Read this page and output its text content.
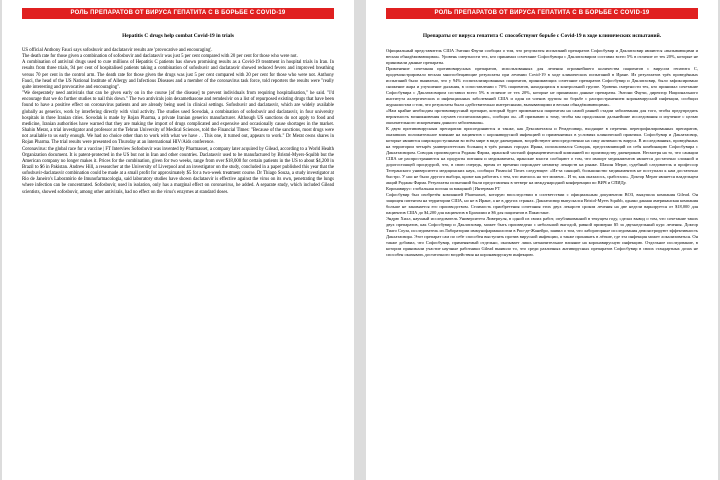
РОЛЬ ПРЕПАРАТОВ ОТ ВИРУСА ГЕПАТИТА С В БОРЬБЕ С COVID-19
Hepatitis C drugs help combat Covid-19 in trials

US official Anthony Fauci says sofosbuvir and daclatasvir results are 'provocative and encouraging'.

The death rate for those given a combination of sofosbuvir and daclatasvir was just 5 per cent compared with 20 per cent for those who were not.

A combination of antiviral drugs used to cure millions of Hepatitis C patients has shown promising results as a Covid-19 treatment in hospital trials in Iran. In results from three trials, 94 per cent of hospitalised patients taking a combination of sofosbuvir and daclatasvir showed reduced fevers and improved breathing versus 70 per cent in the control arm. The death rate for those given the drugs was just 5 per cent compared with 20 per cent for those who were not. Anthony Fauci, the head of the US National Institute of Allergy and Infectious Diseases and a member of the coronavirus task force, told reporters the results were "really quite interesting and provocative and encouraging".

"We desperately need antivirals that can be given early on in the course [of the disease] to prevent individuals from requiring hospitalisation," he said. "I'd encourage that we do further studies to nail this down." The two antivirals join dexamethasone and remdesivir on a list of repurposed existing drugs that have been found to have a positive effect on coronavirus patients and are already being used in clinical settings. Sofosbuvir and daclatasvir, which are widely available globally as generics, work by interfering directly with viral activity. The studies used Sovodak, a combination of sofosbuvir and daclatasvir, in four university hospitals in three Iranian cities. Sovodak is made by Rojan Pharma, a private Iranian generics manufacturer. Although US sanctions do not apply to food and medicine, Iranian authorities have warned that they are making the import of drugs complicated and expensive and occasionally cause shortages in the market. Shahin Merat, a trial investigator and professor at the Tehran University of Medical Sciences, told the Financial Times: "Because of the sanctions, most drugs were not available to us early enough. We had no choice other than to work with what we have . . This one, it turned out, appears to work." Dr Merat owns shares in Rojan Pharma. The trial results were presented on Thursday at an international HIV/Aids conference.

Coronavirus: the global race for a vaccine | FT Interview Sofosbuvir was invented by Pharmasset, a company later acquired by Gilead, according to a World Health Organization document. It is patent-protected in the US but not in Iran and other countries. Daclatasvir used to be manufactured by Bristol-Myers-Squibb but the American company no longer makes it. Prices for the combination, given for two weeks, range from over $18,000 for certain patients in the US to about $4,200 in Brazil to $6 in Pakistan. Andrew Hill, a researcher at the University of Liverpool and an investigator on the study, concluded in a paper published this year that the sofosbuvir-daclatasvir combination could be made at a small profit for approximately $5 for a two-week treatment course. Dr Thiago Souza, a study investigator at Rio de Janeiro's Laboratório de Imunofarmacologia, said laboratory studies have shown daclatasvir is effective against the virus on its own, penetrating the lungs where infection can be concentrated. Sofosbuvir, used in isolation, only has a marginal effect on coronavirus, he added. A separate study, which included Gilead scientists, showed sofosbuvir, among other antivirals, had no effect on the virus's enzymes at standard doses.

РОЛЬ ПРЕПАРАТОВ ОТ ВИРУСА ГЕПАТИТА С В БОРЬБЕ С COVID-19
Препараты от вируса гепатита С способствуют борьбе с Covid-19 в ходе клинических испытаний.

Официальный представитель США Энтони Фаучи сообщил о том, что результаты испытаний препаратов Софосбувир и Даклатасвир являются «вызывающими и весьма обнадёживающими». Уровень смертности тех, кто принимал сочетание Софосбувира с Даклатасвиром составил всего 5% в отличие от тех 20%, которые не принимали данные препараты.

Применение сочетания противовирусных препаратов, использованных для лечения огромнейшего количества пациентов с вирусом гепатита С, продемонстрировало весьма многообещающие результаты при лечении Covid-19 в ходе клинических испытаний в Иране. Из результатов трёх проведённых испытаний было выявлено, что у 94% госпитализированных пациентов, принимающих сочетание препаратов Софосбувир и Даклатасвир, было зафиксировано снижение жара и улучшение дыхания, в сопоставлении с 70% пациентов, находящихся в контрольной группе. Уровень смертности тех, кто принимал сочетание Софосбувира с Даклатасвиром составил всего 5% в отличие от тех 20%, которые не принимали данные препараты. Энтони Фаучи, директор Национального института аллергических и инфекционных заболеваний США и один из членов группы по борьбе с распространением коронавирусной инфекции, сообщил журналистам о том, что результаты были «действительно интересными, вызывающими и весьма обнадёживающими».

«Нам крайне необходим противовирусный препарат, который будет применяться пациентам на самой ранней стадии заболевания для того, чтобы предупредить вероятность возникновения случаев госпитализации», сообщил он. «Я призываю к тому, чтобы мы продолжали дальнейшие исследования и изучение с целью окончательного искоренения данного заболевания».

К двум противовирусным препаратам присоединяются и также, как Дексаметазон и Ремдесивир, входящие в перечень перепрофилированных препаратов, оказавших положительное влияние на пациентов с коронавирусной инфекцией и применяемых в условиях клинической практики. Софосбувир и Даклатасвир, которые являются широкодоступными во всём мире в виде дженериков, воздействуют непосредственно на саму активность вируса. В исследованиях, проведённых на территории четырёх университетских больниц в трёх разных городах Ирана, использовался Соводак, представляющий из себя комбинацию Софосбувира с Даклатасвиром. Соводак производится Роджан Фарма, иранской частной фармацевтической компанией по производству дженериков. Несмотря на то, что санкции США не распространяются на продукты питания и медикаменты, иранские власти сообщают о том, что импорт медикаментов является достаточно сложной и дорогостоящей процедурой, что, в свою очередь, время от времени порождает нехватку лекарств на рынке. Шахин Мерат, судебный следователь и профессор Тегеранского университета медицинских наук, сообщил Financial Times следующее: «Из-за санкций, большинство медикаментов не поступали к нам достаточно быстро. У нас не было другого выбора, кроме как работать с тем, что имелось на тот момент... И то, как оказалось, сработало». Доктор Мерат является владельцем акций Роджан Фарма. Результаты испытаний были представлены в четверг на международной конференции по ВИЧ и СПИДу.

Коронавирус: глобальная погоня за вакциной | Интервью FT

Софосбувир был изобретён компанией Pharmasset, которую впоследствии в соответствии с официальным документом ВОЗ, выкупила компания Gilead. Он защищен патентом на территории США, но не в Иране, а не в других странах. Даклатасвир выпускался Bristol-Myers Squibb, однако данная американская компания больше не занимается его производством. Стоимость приобретения сочетания этих двух лекарств сроком лечения на две недели варьируется от $18,000 для пациентов США до $4,200 для пациентов в Бразилии и $6 для пациентов в Пакистане.

Эндрю Хилл, научный исследователь Университета Ливерпуля, в одной из своих работ, опубликованной в текущем году, сделал вывод о том, что сочетание таких двух препаратов, как Софосбувир и Даклатасвир, может быть произведено с небольшой выгодой, равной примерно $5 за двухнедельный курс лечения. Доктор Тиаго Соуза, исследователь из Лаборатории иммунофармакологии в Рио-де-Жанейро, заявил о том, что лабораторные исследования демонстрируют эффективность Даклатасвира. Этот препарат сам по себе способен выступить против вирусной инфекции, а также проникать в лёгкие, где эта инфекция может локализоваться. Он также добавил, что Софосбувир, применяемый отдельно, оказывает лишь незначительное влияние на коронавирусную инфекцию. Отдельное исследование, в котором принимали участие научные работники Gilead выявило то, что среди различных антивирусных препаратов Софосбувир в своих стандартных дозах не способен оказывать достаточного воздействия на коронавирусную инфекцию.
